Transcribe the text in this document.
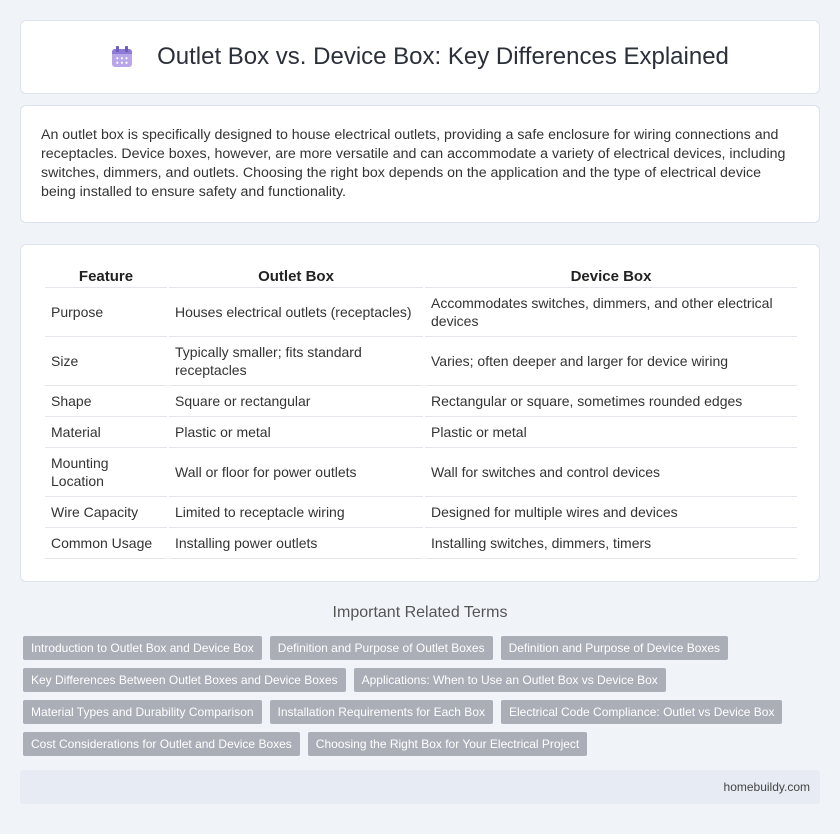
Outlet Box vs. Device Box: Key Differences Explained

An outlet box is specifically designed to house electrical outlets, providing a safe enclosure for wiring connections and receptacles. Device boxes, however, are more versatile and can accommodate a variety of electrical devices, including switches, dimmers, and outlets. Choosing the right box depends on the application and the type of electrical device being installed to ensure safety and functionality.

Feature	Outlet Box	Device Box
Purpose	Houses electrical outlets (receptacles)	Accommodates switches, dimmers, and other electrical devices
Size	Typically smaller; fits standard receptacles	Varies; often deeper and larger for device wiring
Shape	Square or rectangular	Rectangular or square, sometimes rounded edges
Material	Plastic or metal	Plastic or metal
Mounting Location	Wall or floor for power outlets	Wall for switches and control devices
Wire Capacity	Limited to receptacle wiring	Designed for multiple wires and devices
Common Usage	Installing power outlets	Installing switches, dimmers, timers
Important Related Terms
Introduction to Outlet Box and Device Box	Definition and Purpose of Outlet Boxes	Definition and Purpose of Device Boxes
Key Differences Between Outlet Boxes and Device Boxes	Applications: When to Use an Outlet Box vs Device Box
Material Types and Durability Comparison	Installation Requirements for Each Box	Electrical Code Compliance: Outlet vs Device Box
Cost Considerations for Outlet and Device Boxes	Choosing the Right Box for Your Electrical Project
homebuildy.com
